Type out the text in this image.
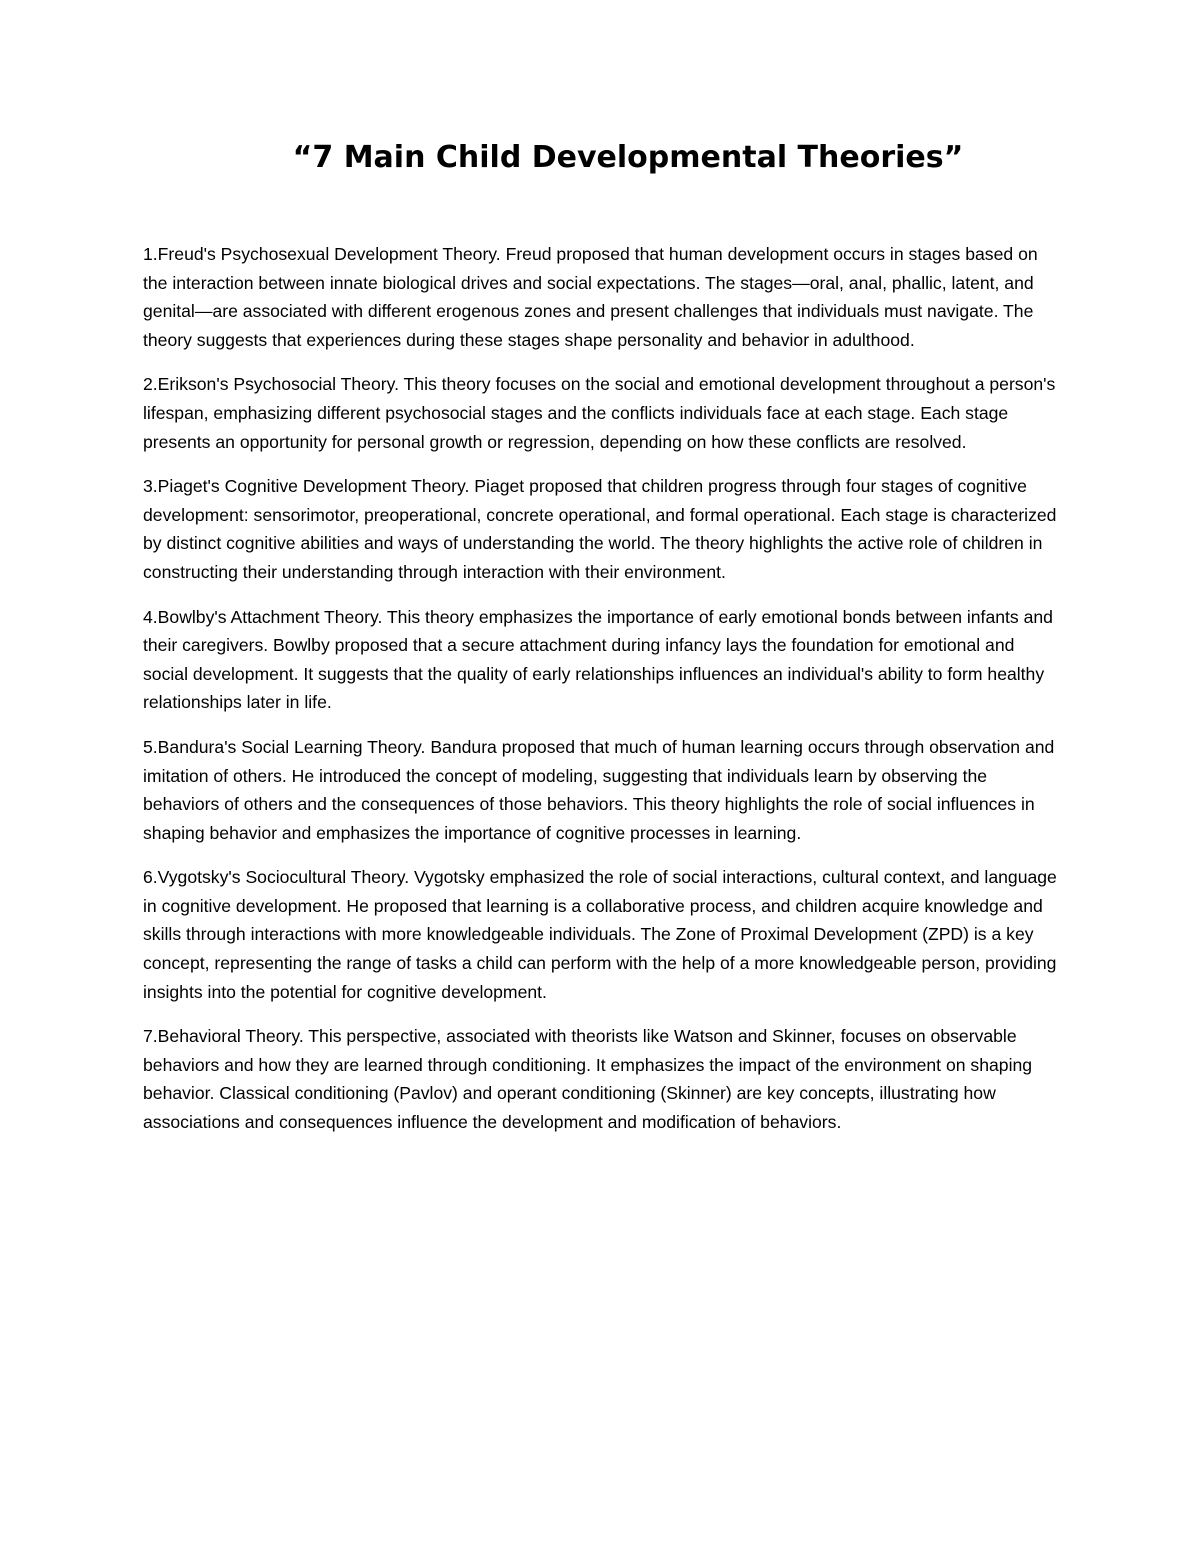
“7 Main Child Developmental Theories”

1.Freud's Psychosexual Development Theory. Freud proposed that human development occurs in stages based on the interaction between innate biological drives and social expectations. The stages—oral, anal, phallic, latent, and genital—are associated with different erogenous zones and present challenges that individuals must navigate. The theory suggests that experiences during these stages shape personality and behavior in adulthood.

2.Erikson's Psychosocial Theory. This theory focuses on the social and emotional development throughout a person's lifespan, emphasizing different psychosocial stages and the conflicts individuals face at each stage. Each stage presents an opportunity for personal growth or regression, depending on how these conflicts are resolved.

3.Piaget's Cognitive Development Theory. Piaget proposed that children progress through four stages of cognitive development: sensorimotor, preoperational, concrete operational, and formal operational. Each stage is characterized by distinct cognitive abilities and ways of understanding the world. The theory highlights the active role of children in constructing their understanding through interaction with their environment.

4.Bowlby's Attachment Theory. This theory emphasizes the importance of early emotional bonds between infants and their caregivers. Bowlby proposed that a secure attachment during infancy lays the foundation for emotional and social development. It suggests that the quality of early relationships influences an individual's ability to form healthy relationships later in life.

5.Bandura's Social Learning Theory. Bandura proposed that much of human learning occurs through observation and imitation of others. He introduced the concept of modeling, suggesting that individuals learn by observing the behaviors of others and the consequences of those behaviors. This theory highlights the role of social influences in shaping behavior and emphasizes the importance of cognitive processes in learning.

6.Vygotsky's Sociocultural Theory. Vygotsky emphasized the role of social interactions, cultural context, and language in cognitive development. He proposed that learning is a collaborative process, and children acquire knowledge and skills through interactions with more knowledgeable individuals. The Zone of Proximal Development (ZPD) is a key concept, representing the range of tasks a child can perform with the help of a more knowledgeable person, providing insights into the potential for cognitive development.

7.Behavioral Theory. This perspective, associated with theorists like Watson and Skinner, focuses on observable behaviors and how they are learned through conditioning. It emphasizes the impact of the environment on shaping behavior. Classical conditioning (Pavlov) and operant conditioning (Skinner) are key concepts, illustrating how associations and consequences influence the development and modification of behaviors.
